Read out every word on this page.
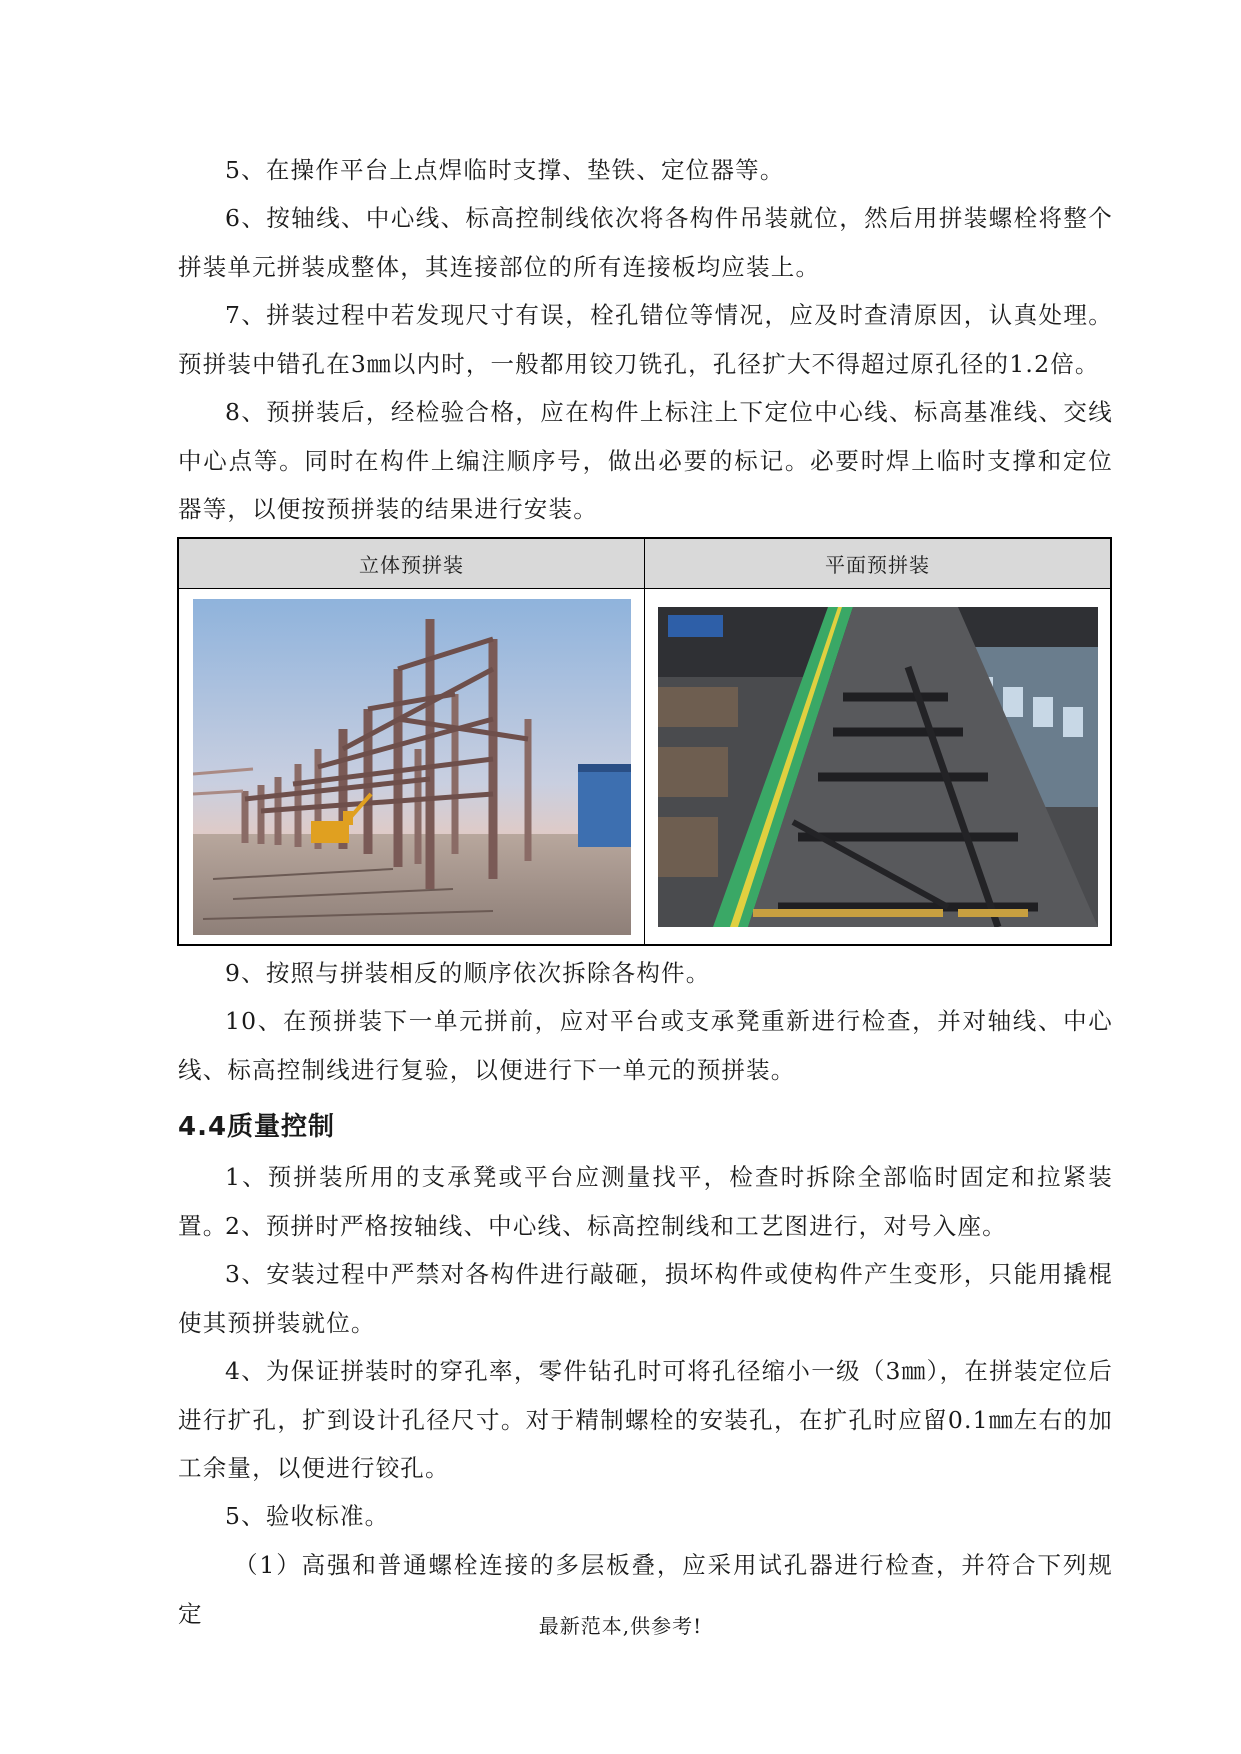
5、在操作平台上点焊临时支撑、垫铁、定位器等。

6、按轴线、中心线、标高控制线依次将各构件吊装就位，然后用拼装螺栓将整个拼装单元拼装成整体，其连接部位的所有连接板均应装上。

7、拼装过程中若发现尺寸有误，栓孔错位等情况，应及时查清原因，认真处理。预拼装中错孔在3㎜以内时，一般都用铰刀铣孔，孔径扩大不得超过原孔径的1.2倍。

8、预拼装后，经检验合格，应在构件上标注上下定位中心线、标高基准线、交线中心点等。同时在构件上编注顺序号，做出必要的标记。必要时焊上临时支撑和定位器等，以便按预拼装的结果进行安装。

立体预拼装	平面预拼装

9、按照与拼装相反的顺序依次拆除各构件。

10、在预拼装下一单元拼前，应对平台或支承凳重新进行检查，并对轴线、中心线、标高控制线进行复验，以便进行下一单元的预拼装。

4.4质量控制

1、预拼装所用的支承凳或平台应测量找平，检查时拆除全部临时固定和拉紧装置。

2、预拼时严格按轴线、中心线、标高控制线和工艺图进行，对号入座。

3、安装过程中严禁对各构件进行敲砸，损坏构件或使构件产生变形，只能用撬棍使其预拼装就位。

4、为保证拼装时的穿孔率，零件钻孔时可将孔径缩小一级（3㎜），在拼装定位后进行扩孔，扩到设计孔径尺寸。对于精制螺栓的安装孔，在扩孔时应留0.1㎜左右的加工余量，以便进行铰孔。

5、验收标准。

（1）高强和普通螺栓连接的多层板叠，应采用试孔器进行检查，并符合下列规定	最新范本,供参考!
